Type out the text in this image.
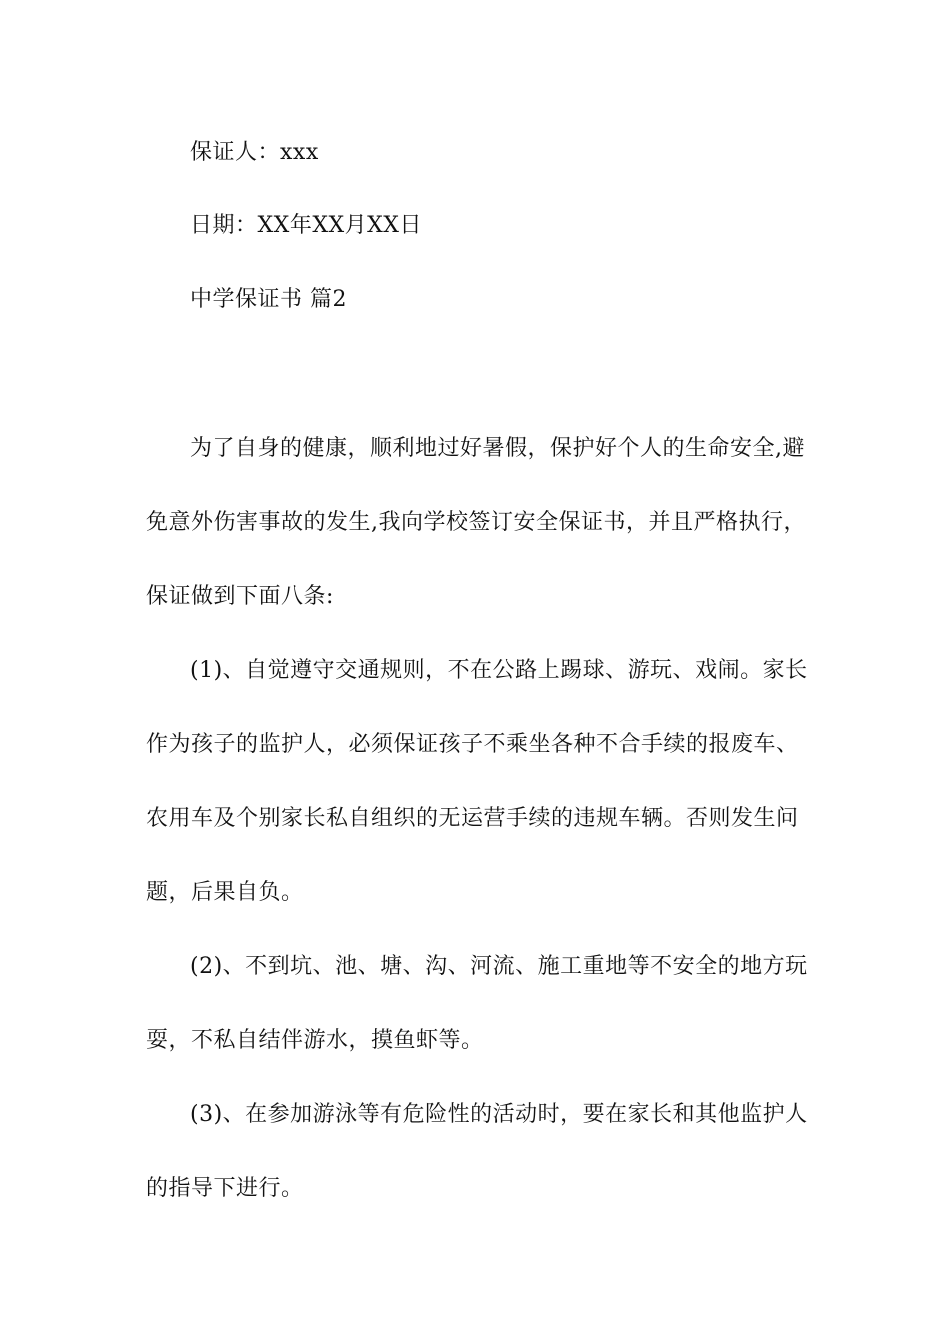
保证人：xxx
日期：XX年XX月XX日
中学保证书 篇2
为了自身的健康，顺利地过好暑假，保护好个人的生命安全,避
免意外伤害事故的发生,我向学校签订安全保证书，并且严格执行，
保证做到下面八条:
(1)、自觉遵守交通规则，不在公路上踢球、游玩、戏闹。家长
作为孩子的监护人，必须保证孩子不乘坐各种不合手续的报废车、
农用车及个别家长私自组织的无运营手续的违规车辆。否则发生问
题，后果自负。
(2)、不到坑、池、塘、沟、河流、施工重地等不安全的地方玩
耍，不私自结伴游水，摸鱼虾等。
(3)、在参加游泳等有危险性的活动时，要在家长和其他监护人
的指导下进行。
